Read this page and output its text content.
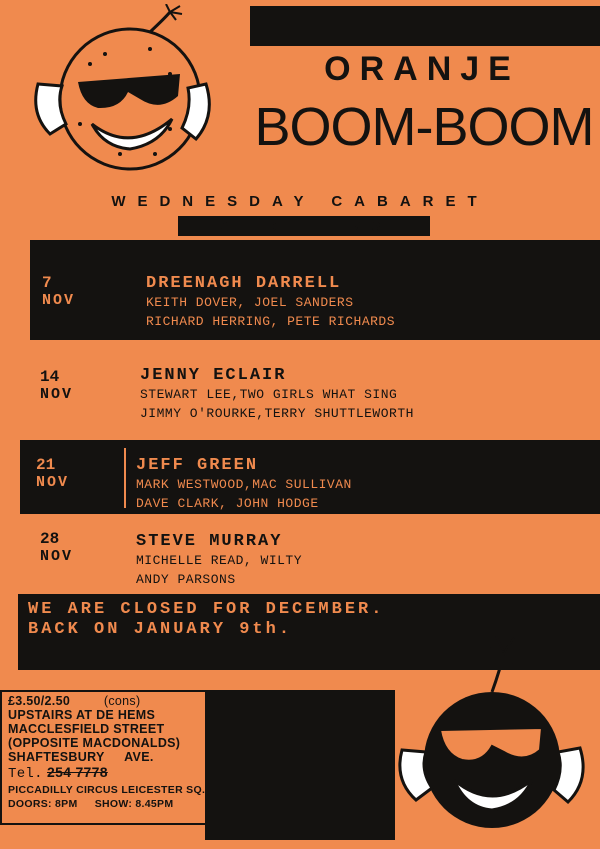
ORANJE
BOOM-BOOM
WEDNESDAY CABARET
AT DE HEMS
7
NOV
DREENAGH DARRELL
KEITH DOVER, JOEL SANDERS
RICHARD HERRING, PETE RICHARDS
14
NOV
JENNY ECLAIR
STEWART LEE,TWO GIRLS WHAT SING
JIMMY O'ROURKE,TERRY SHUTTLEWORTH
21
NOV
JEFF GREEN
MARK WESTWOOD,MAC SULLIVAN
DAVE CLARK, JOHN HODGE
28
NOV
STEVE MURRAY
MICHELLE READ, WILTY
ANDY PARSONS
WE ARE CLOSED FOR DECEMBER.
BACK ON JANUARY 9th.
£3.50/2.50	(cons)
UPSTAIRS AT DE HEMS
MACCLESFIELD STREET
(OPPOSITE MACDONALDS)
SHAFTESBURY AVE.
Tel. 254 7778
PICCADILLY CIRCUS LEICESTER SQ.
DOORS: 8PM SHOW: 8.45PM
